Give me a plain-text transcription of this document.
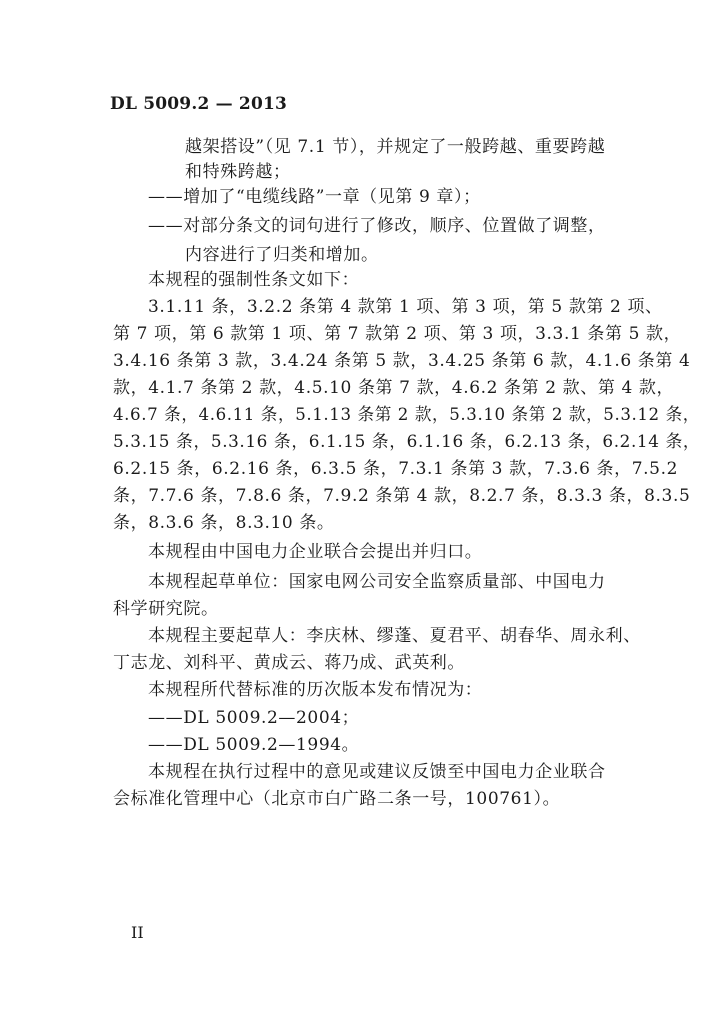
DL 5009.2 — 2013
越架搭设”（见 7.1 节），并规定了一般跨越、重要跨越
和特殊跨越；
——增加了“电缆线路”一章（见第 9 章）；
——对部分条文的词句进行了修改，顺序、位置做了调整，
内容进行了归类和增加。
本规程的强制性条文如下：
3.1.11 条，3.2.2 条第 4 款第 1 项、第 3 项，第 5 款第 2 项、
第 7 项，第 6 款第 1 项、第 7 款第 2 项、第 3 项，3.3.1 条第 5 款，
3.4.16 条第 3 款，3.4.24 条第 5 款，3.4.25 条第 6 款，4.1.6 条第 4
款，4.1.7 条第 2 款，4.5.10 条第 7 款，4.6.2 条第 2 款、第 4 款，
4.6.7 条，4.6.11 条，5.1.13 条第 2 款，5.3.10 条第 2 款，5.3.12 条，
5.3.15 条，5.3.16 条，6.1.15 条，6.1.16 条，6.2.13 条，6.2.14 条，
6.2.15 条，6.2.16 条，6.3.5 条，7.3.1 条第 3 款，7.3.6 条，7.5.2
条，7.7.6 条，7.8.6 条，7.9.2 条第 4 款，8.2.7 条，8.3.3 条，8.3.5
条，8.3.6 条，8.3.10 条。
本规程由中国电力企业联合会提出并归口。
本规程起草单位：国家电网公司安全监察质量部、中国电力
科学研究院。
本规程主要起草人：李庆林、缪蓬、夏君平、胡春华、周永利、
丁志龙、刘科平、黄成云、蒋乃成、武英利。
本规程所代替标准的历次版本发布情况为：
——DL 5009.2—2004；
——DL 5009.2—1994。
本规程在执行过程中的意见或建议反馈至中国电力企业联合
会标准化管理中心（北京市白广路二条一号，100761）。
II
